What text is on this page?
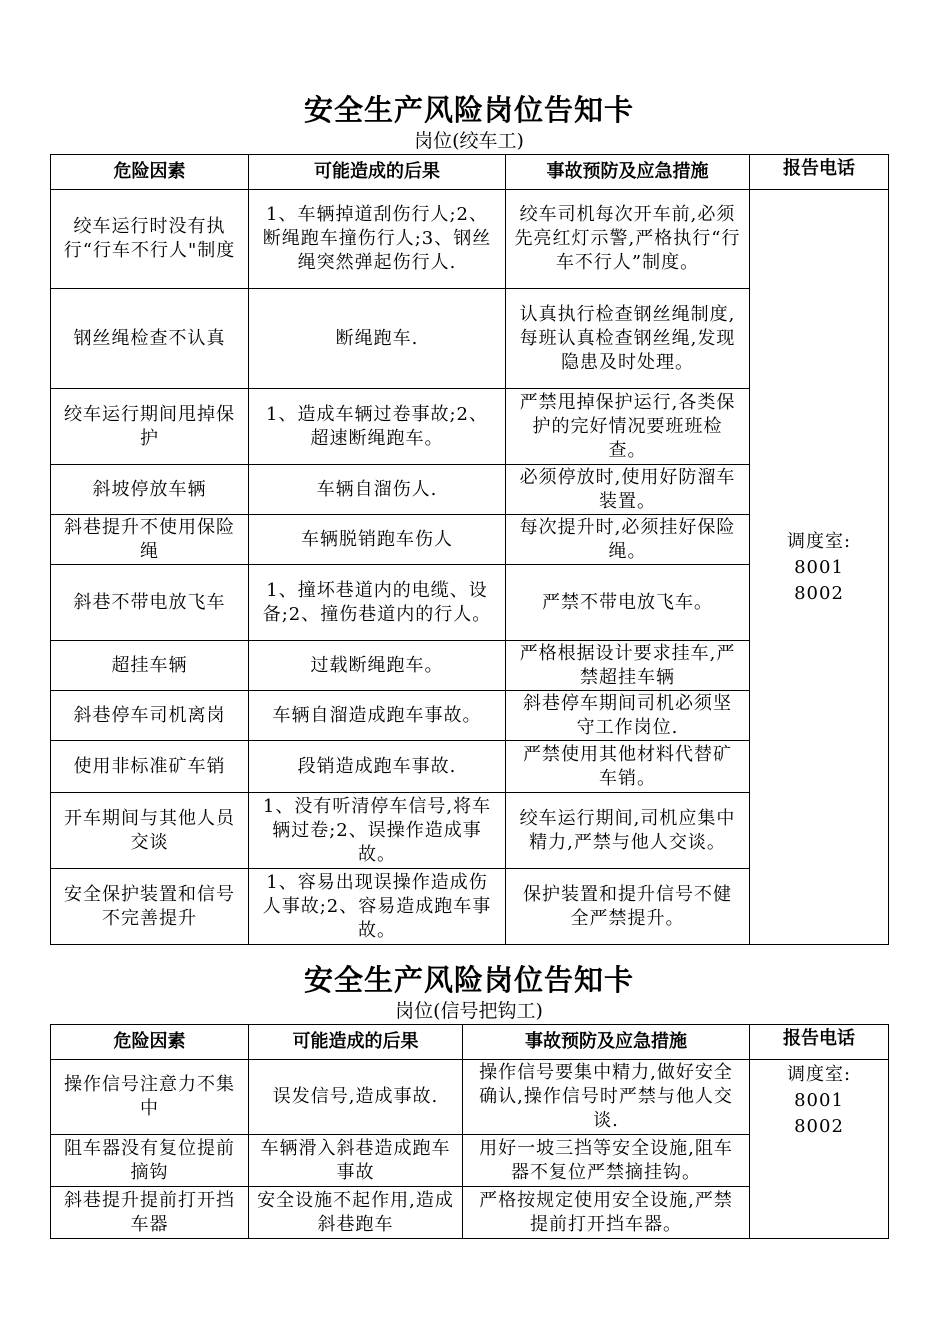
安全生产风险岗位告知卡
岗位(绞车工)
危险因素	可能造成的后果	事故预防及应急措施	报告电话
绞车运行时没有执行“行车不行人"制度	1、车辆掉道刮伤行人;2、断绳跑车撞伤行人;3、钢丝绳突然弹起伤行人.	绞车司机每次开车前,必须先亮红灯示警,严格执行“行车不行人”制度。	调度室:
8001
8002

钢丝绳检查不认真	断绳跑车.	认真执行检查钢丝绳制度,每班认真检查钢丝绳,发现隐患及时处理。	
绞车运行期间甩掉保护	1、造成车辆过卷事故;2、超速断绳跑车。	严禁甩掉保护运行,各类保护的完好情况要班班检查。	
斜坡停放车辆	车辆自溜伤人.	必须停放时,使用好防溜车装置。	
斜巷提升不使用保险绳	车辆脱销跑车伤人	每次提升时,必须挂好保险绳。	
斜巷不带电放飞车	1、撞坏巷道内的电缆、设备;2、撞伤巷道内的行人。	严禁不带电放飞车。	
超挂车辆	过载断绳跑车。	严格根据设计要求挂车,严禁超挂车辆	
斜巷停车司机离岗	车辆自溜造成跑车事故。	斜巷停车期间司机必须坚守工作岗位.	
使用非标准矿车销	段销造成跑车事故.	严禁使用其他材料代替矿车销。	
开车期间与其他人员交谈	1、没有听清停车信号,将车辆过卷;2、误操作造成事故。	绞车运行期间,司机应集中精力,严禁与他人交谈。	
安全保护装置和信号不完善提升	1、容易出现误操作造成伤人事故;2、容易造成跑车事故。	保护装置和提升信号不健全严禁提升。	
安全生产风险岗位告知卡
岗位(信号把钩工)
危险因素	可能造成的后果	事故预防及应急措施	报告电话
操作信号注意力不集中	误发信号,造成事故.	操作信号要集中精力,做好安全确认,操作信号时严禁与他人交谈.	调度室:
8001
8002

阻车器没有复位提前摘钩	车辆滑入斜巷造成跑车事故	用好一坡三挡等安全设施,阻车器不复位严禁摘挂钩。	
斜巷提升提前打开挡车器	安全设施不起作用,造成斜巷跑车	严格按规定使用安全设施,严禁提前打开挡车器。	
